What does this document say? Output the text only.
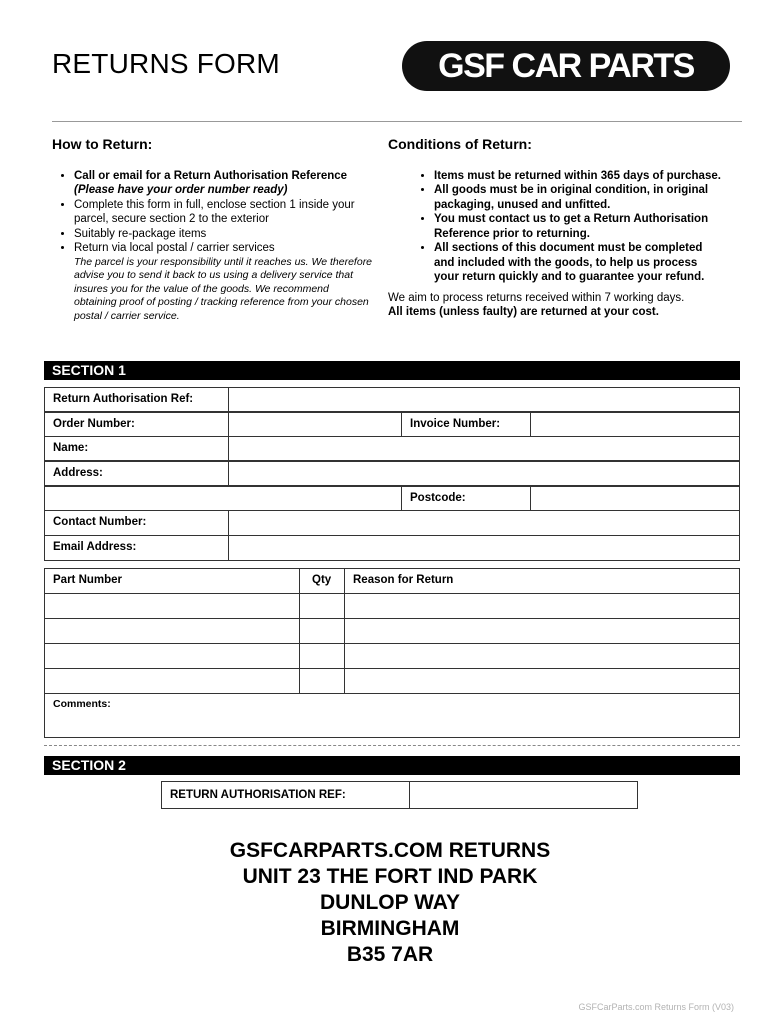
RETURNS FORM	GSF CAR PARTS
How to Return:
• Call or email for a Return Authorisation Reference (Please have your order number ready)
• Complete this form in full, enclose section 1 inside your parcel, secure section 2 to the exterior
• Suitably re-package items
• Return via local postal / carrier services
The parcel is your responsibility until it reaches us. We therefore advise you to send it back to us using a delivery service that insures you for the value of the goods. We recommend obtaining proof of posting / tracking reference from your chosen postal / carrier service.
Conditions of Return:
• Items must be returned within 365 days of purchase.
• All goods must be in original condition, in original packaging, unused and unfitted.
• You must contact us to get a Return Authorisation Reference prior to returning.
• All sections of this document must be completed and included with the goods, to help us process your return quickly and to guarantee your refund.
We aim to process returns received within 7 working days.
All items (unless faulty) are returned at your cost.
SECTION 1
Return Authorisation Ref:
Order Number:	Invoice Number:
Name:
Address:
Postcode:
Contact Number:
Email Address:
Part Number	Qty	Reason for Return
Comments:
SECTION 2
RETURN AUTHORISATION REF:
GSFCARPARTS.COM RETURNS
UNIT 23 THE FORT IND PARK
DUNLOP WAY
BIRMINGHAM
B35 7AR
GSFCarParts.com Returns Form (V03)
